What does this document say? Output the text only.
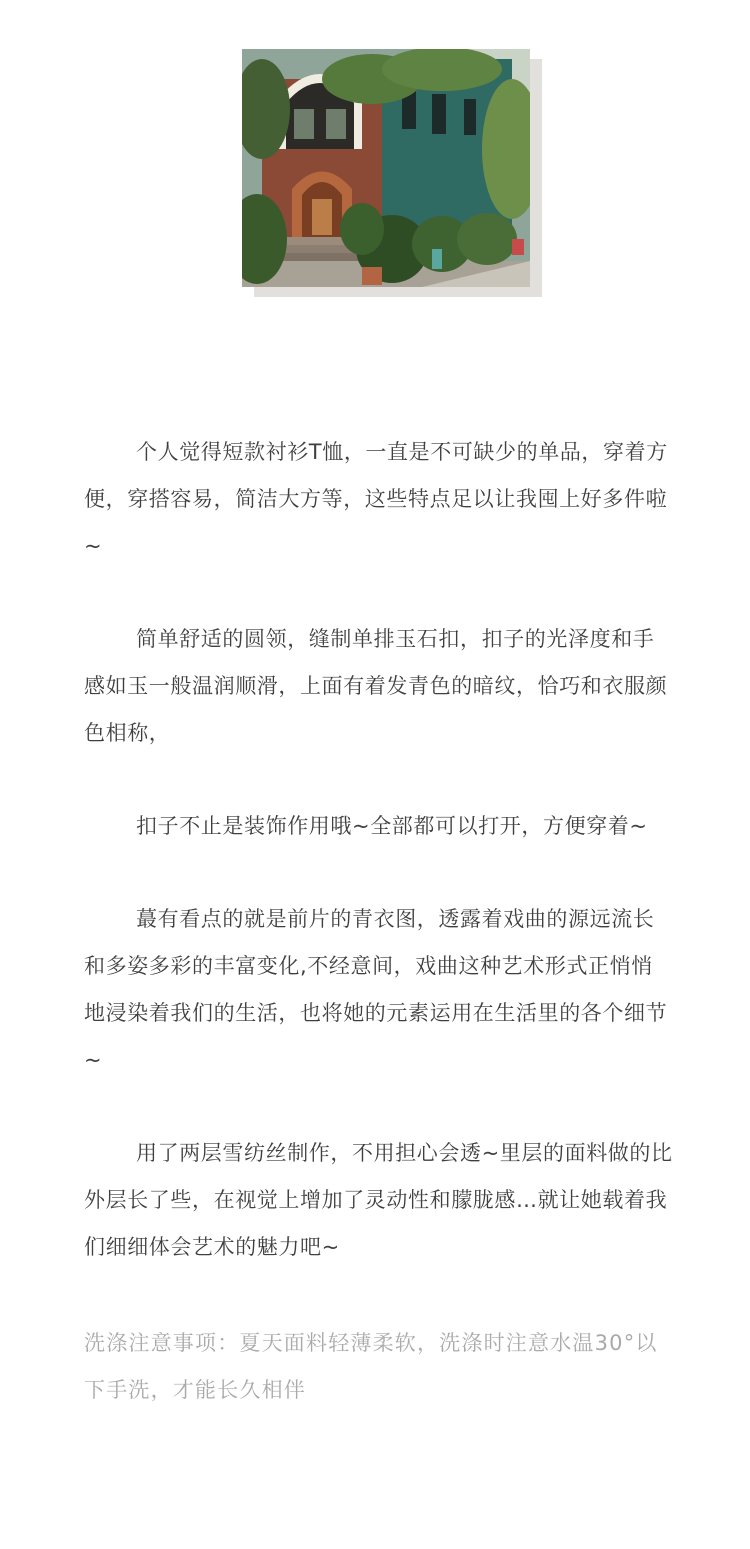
个人觉得短款衬衫T恤，一直是不可缺少的单品，穿着方便，穿搭容易，简洁大方等，这些特点足以让我囤上好多件啦~

简单舒适的圆领，缝制单排玉石扣，扣子的光泽度和手感如玉一般温润顺滑，上面有着发青色的暗纹，恰巧和衣服颜色相称，

扣子不止是装饰作用哦~全部都可以打开，方便穿着~

蕞有看点的就是前片的青衣图，透露着戏曲的源远流长和多姿多彩的丰富变化,不经意间，戏曲这种艺术形式正悄悄地浸染着我们的生活，也将她的元素运用在生活里的各个细节~

用了两层雪纺丝制作，不用担心会透~里层的面料做的比外层长了些，在视觉上增加了灵动性和朦胧感…就让她载着我们细细体会艺术的魅力吧~

洗涤注意事项：夏天面料轻薄柔软，洗涤时注意水温30°以下手洗，才能长久相伴
